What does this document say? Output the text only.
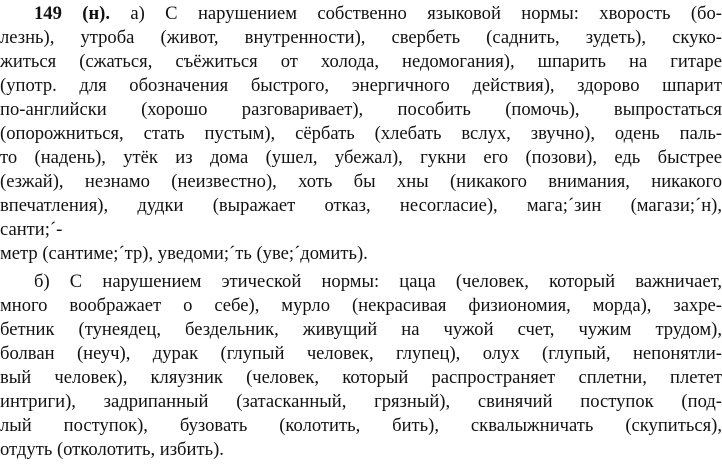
149 (н). а) С нарушением собственно языковой нормы: хворость (бо-
лезнь), утроба (живот, внутренности), свербеть (саднить, зудеть), скуко-
житься (сжаться, съёжиться от холода, недомогания), шпарить на гитаре
(употр. для обозначения быстрого, энергичного действия), здорово шпарит
по-английски (хорошо разговаривает), пособить (помочь), выпростаться
(опорожниться, стать пустым), сёрбать (хлебать вслух, звучно), одень паль-
то (надень), утёк из дома (ушел, убежал), гукни его (позови), едь быстрее
(езжай), незнамо (неизвестно), хоть бы хны (никакого внимания, никакого
впечатления), дудки (выражает отказ, несогласие), мага;´зин (магази;´н),
санти;´-
метр (сантиме;´тр), уведоми;´ть (уве;´домить).
б) С нарушением этической нормы: цаца (человек, который важничает,
много воображает о себе), мурло (некрасивая физиономия, морда), захре-
бетник (тунеядец, бездельник, живущий на чужой счет, чужим трудом),
болван (неуч), дурак (глупый человек, глупец), олух (глупый, непонятли-
вый человек), кляузник (человек, который распространяет сплетни, плетет
интриги), задрипанный (затасканный, грязный), свинячий поступок (под-
лый поступок), бузовать (колотить, бить), сквалыжничать (скупиться),
отдуть (отколотить, избить).
